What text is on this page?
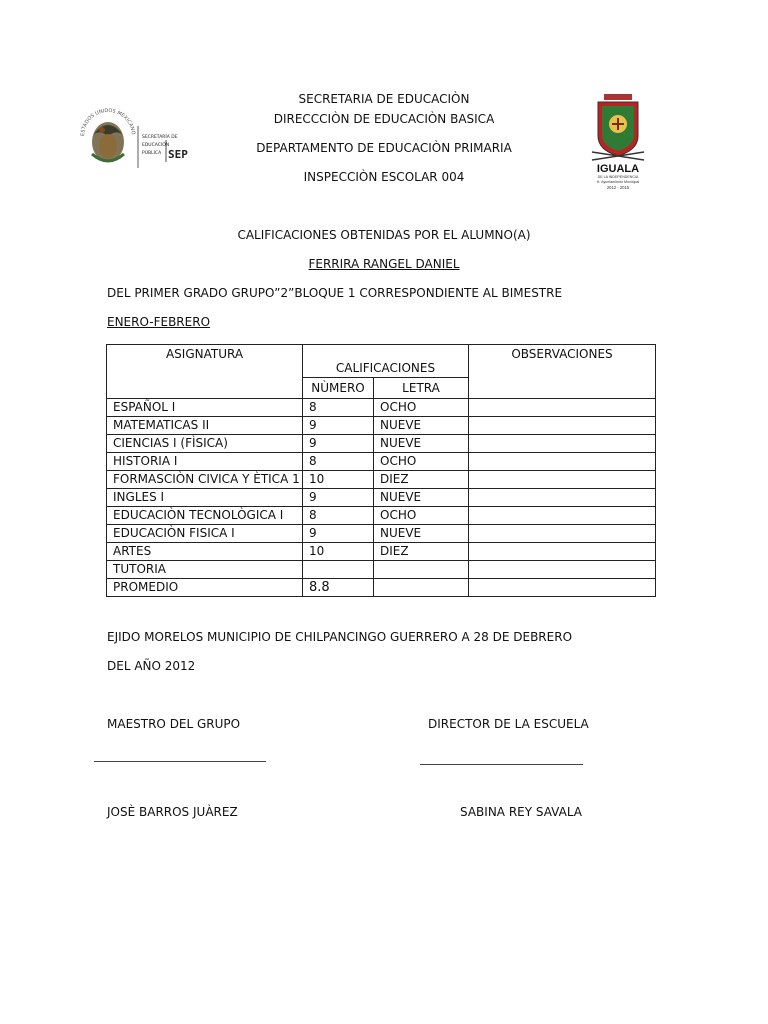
ESTADOS UNIDOS MEXICANO
SECRETARÍA DE
EDUCACIÓN
PÚBLICA SEP
IGUALA
DE LA INDEPENDENCIA
H. Ayuntamiento Municipal
2012 - 2015
SECRETARIA DE EDUCACIÒN
DIRECCCIÒN DE EDUCACIÒN BASICA
DEPARTAMENTO DE EDUCACIÒN PRIMARIA
INSPECCIÒN ESCOLAR 004
CALIFICACIONES OBTENIDAS POR EL ALUMNO(A)
FERRIRA RANGEL DANIEL
DEL PRIMER GRADO GRUPO”2”BLOQUE 1 CORRESPONDIENTE AL BIMESTRE
ENERO-FEBRERO
ASIGNATURA	CALIFICACIONES		OBSERVACIONES
	NÙMERO	LETRA	
ESPAÑOL I	8	OCHO	
MATEMATICAS II	9	NUEVE	
CIENCIAS I (FÌSICA)	9	NUEVE	
HISTORIA I	8	OCHO	
FORMASCIÒN CIVICA Y ÈTICA 1	10	DIEZ	
INGLES I	9	NUEVE	
EDUCACIÒN TECNOLÒGICA I	8	OCHO	
EDUCACIÒN FISICA I	9	NUEVE	
ARTES	10	DIEZ	
TUTORIA			
PROMEDIO	8.8		
EJIDO MORELOS MUNICIPIO DE CHILPANCINGO GUERRERO A 28 DE DEBRERO
DEL AÑO 2012
MAESTRO DEL GRUPO	DIRECTOR DE LA ESCUELA
JOSÈ BARROS JUÀREZ	SABINA REY SAVALA
